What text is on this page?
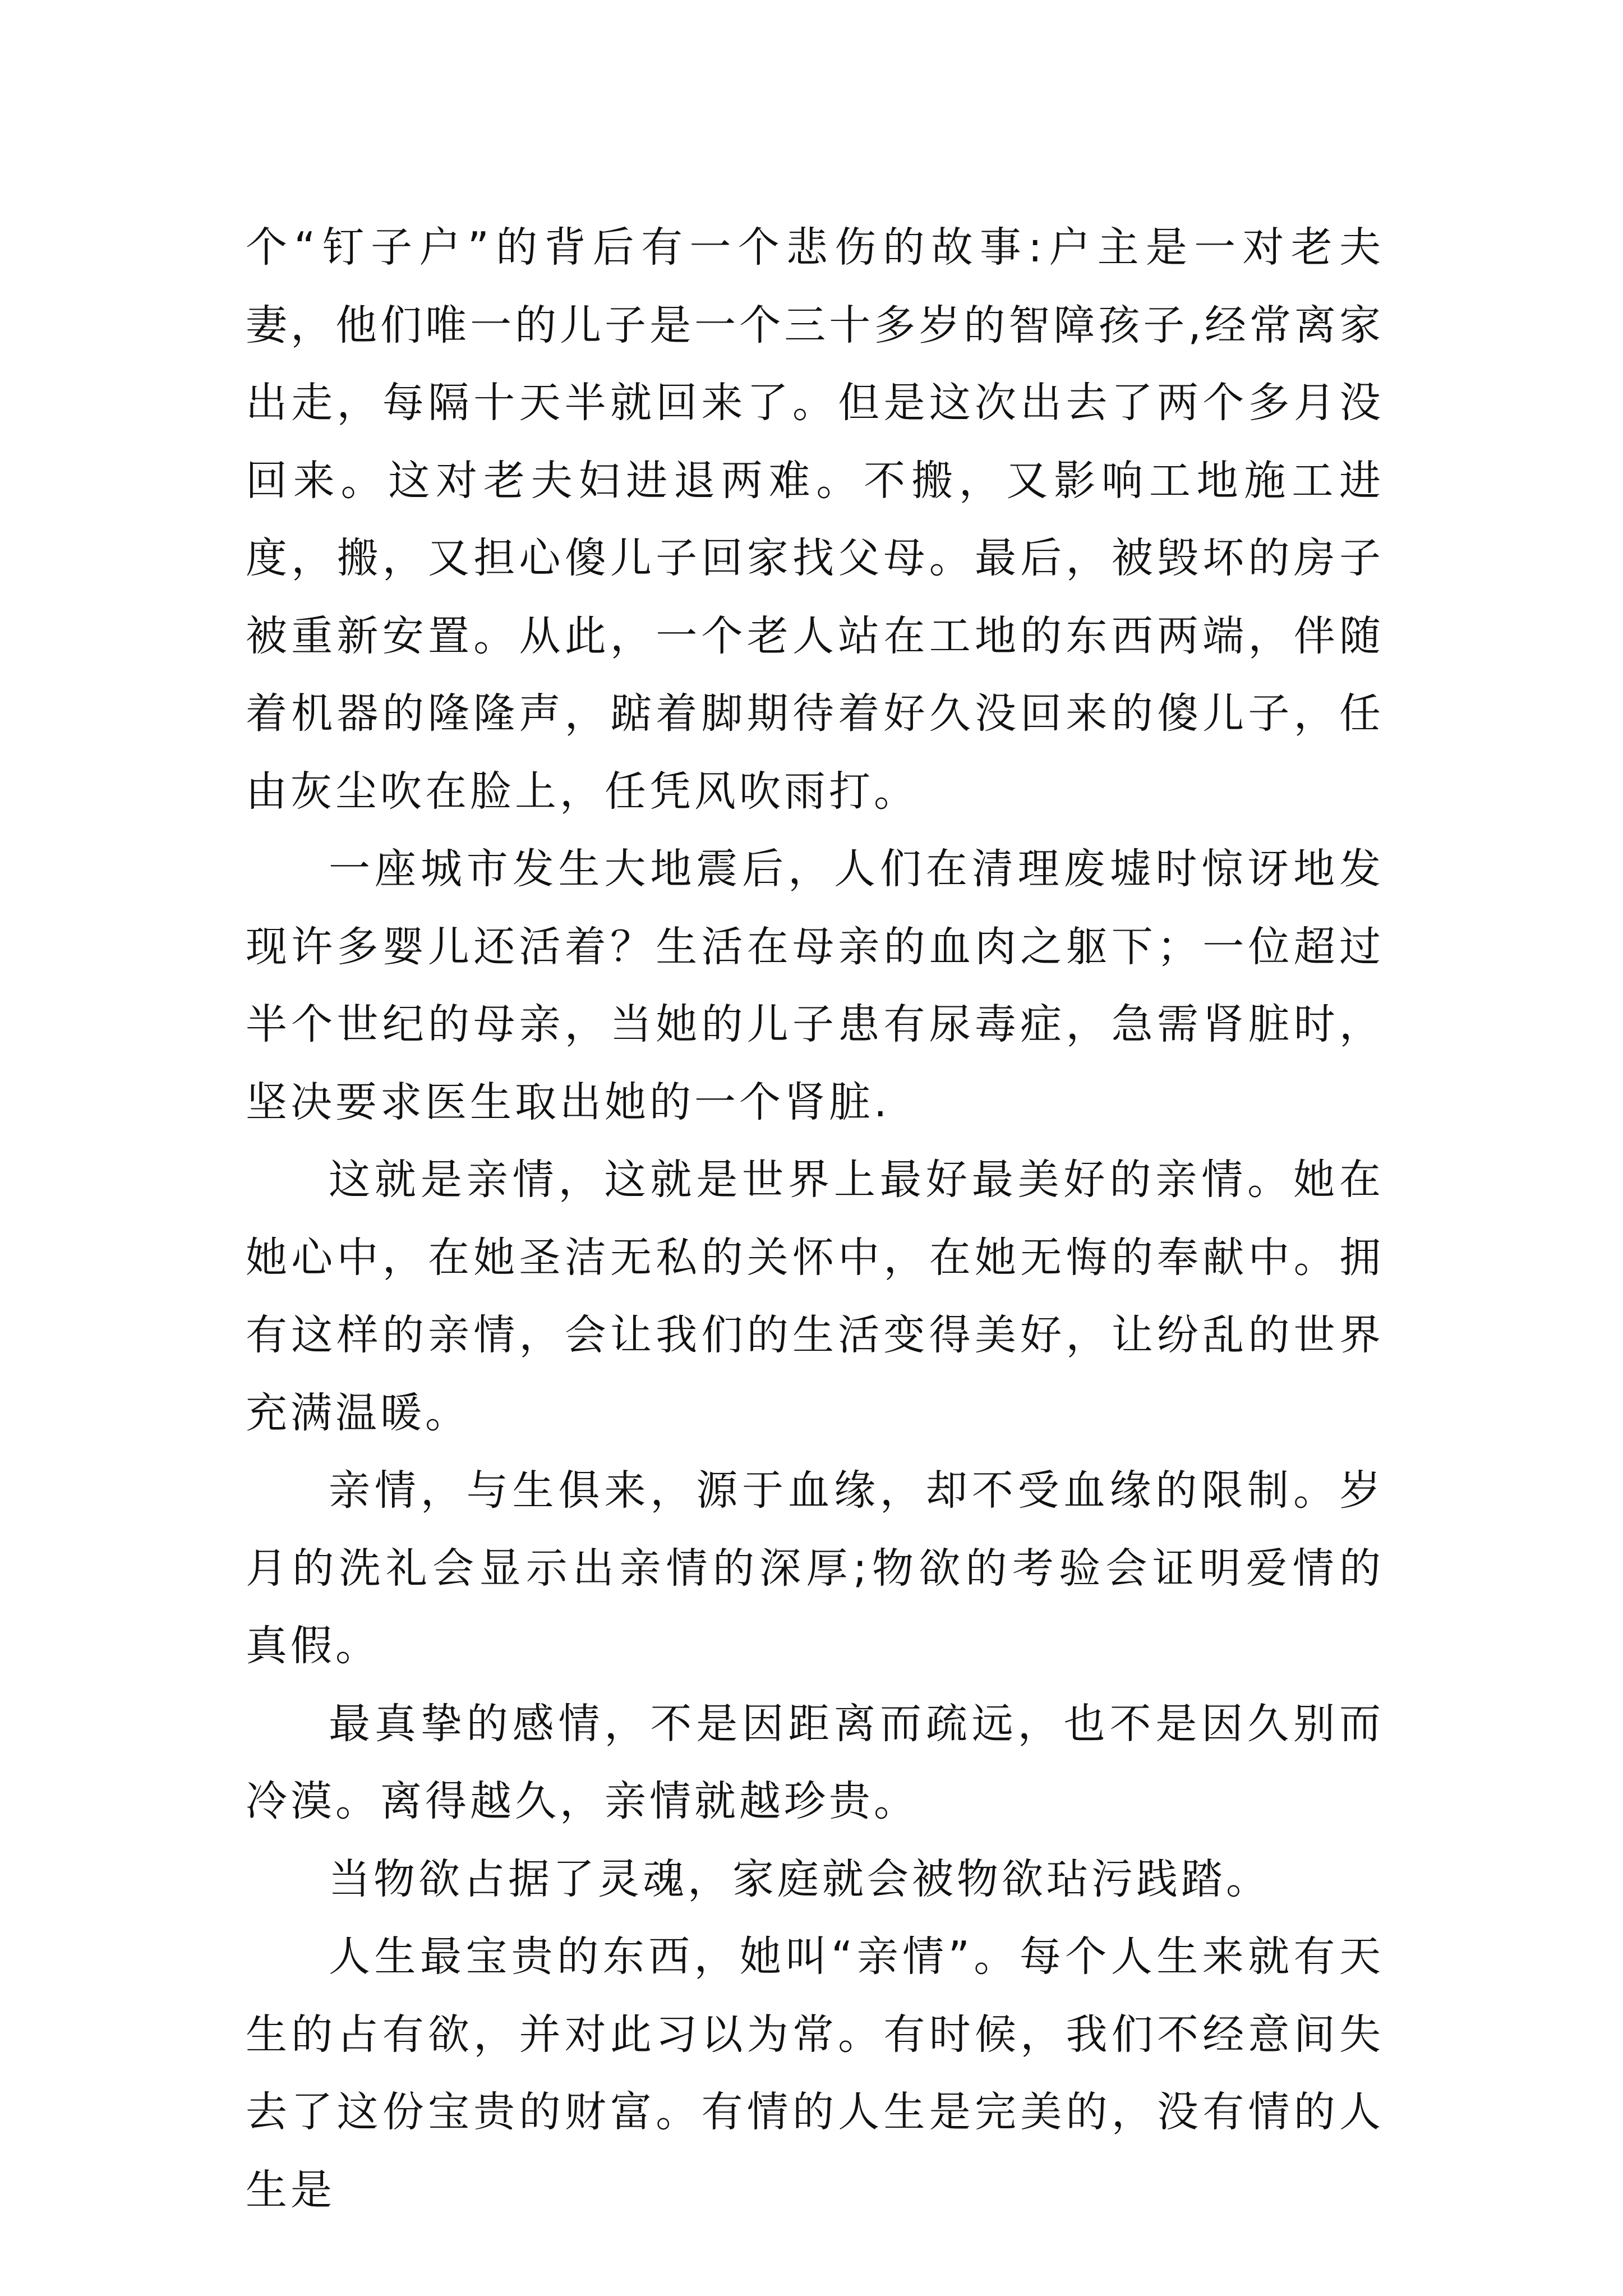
个“钉子户”的背后有一个悲伤的故事:户主是一对老夫妻，他们唯一的儿子是一个三十多岁的智障孩子,经常离家出走，每隔十天半就回来了。但是这次出去了两个多月没回来。这对老夫妇进退两难。不搬，又影响工地施工进度，搬，又担心傻儿子回家找父母。最后，被毁坏的房子被重新安置。从此，一个老人站在工地的东西两端，伴随着机器的隆隆声，踮着脚期待着好久没回来的傻儿子，任由灰尘吹在脸上，任凭风吹雨打。

一座城市发生大地震后，人们在清理废墟时惊讶地发现许多婴儿还活着？生活在母亲的血肉之躯下；一位超过半个世纪的母亲，当她的儿子患有尿毒症，急需肾脏时，坚决要求医生取出她的一个肾脏.

这就是亲情，这就是世界上最好最美好的亲情。她在她心中，在她圣洁无私的关怀中，在她无悔的奉献中。拥有这样的亲情，会让我们的生活变得美好，让纷乱的世界充满温暖。

亲情，与生俱来，源于血缘，却不受血缘的限制。岁月的洗礼会显示出亲情的深厚;物欲的考验会证明爱情的真假。

最真挚的感情，不是因距离而疏远，也不是因久别而冷漠。离得越久，亲情就越珍贵。

当物欲占据了灵魂，家庭就会被物欲玷污践踏。

人生最宝贵的东西，她叫“亲情”。每个人生来就有天生的占有欲，并对此习以为常。有时候，我们不经意间失去了这份宝贵的财富。有情的人生是完美的，没有情的人生是
